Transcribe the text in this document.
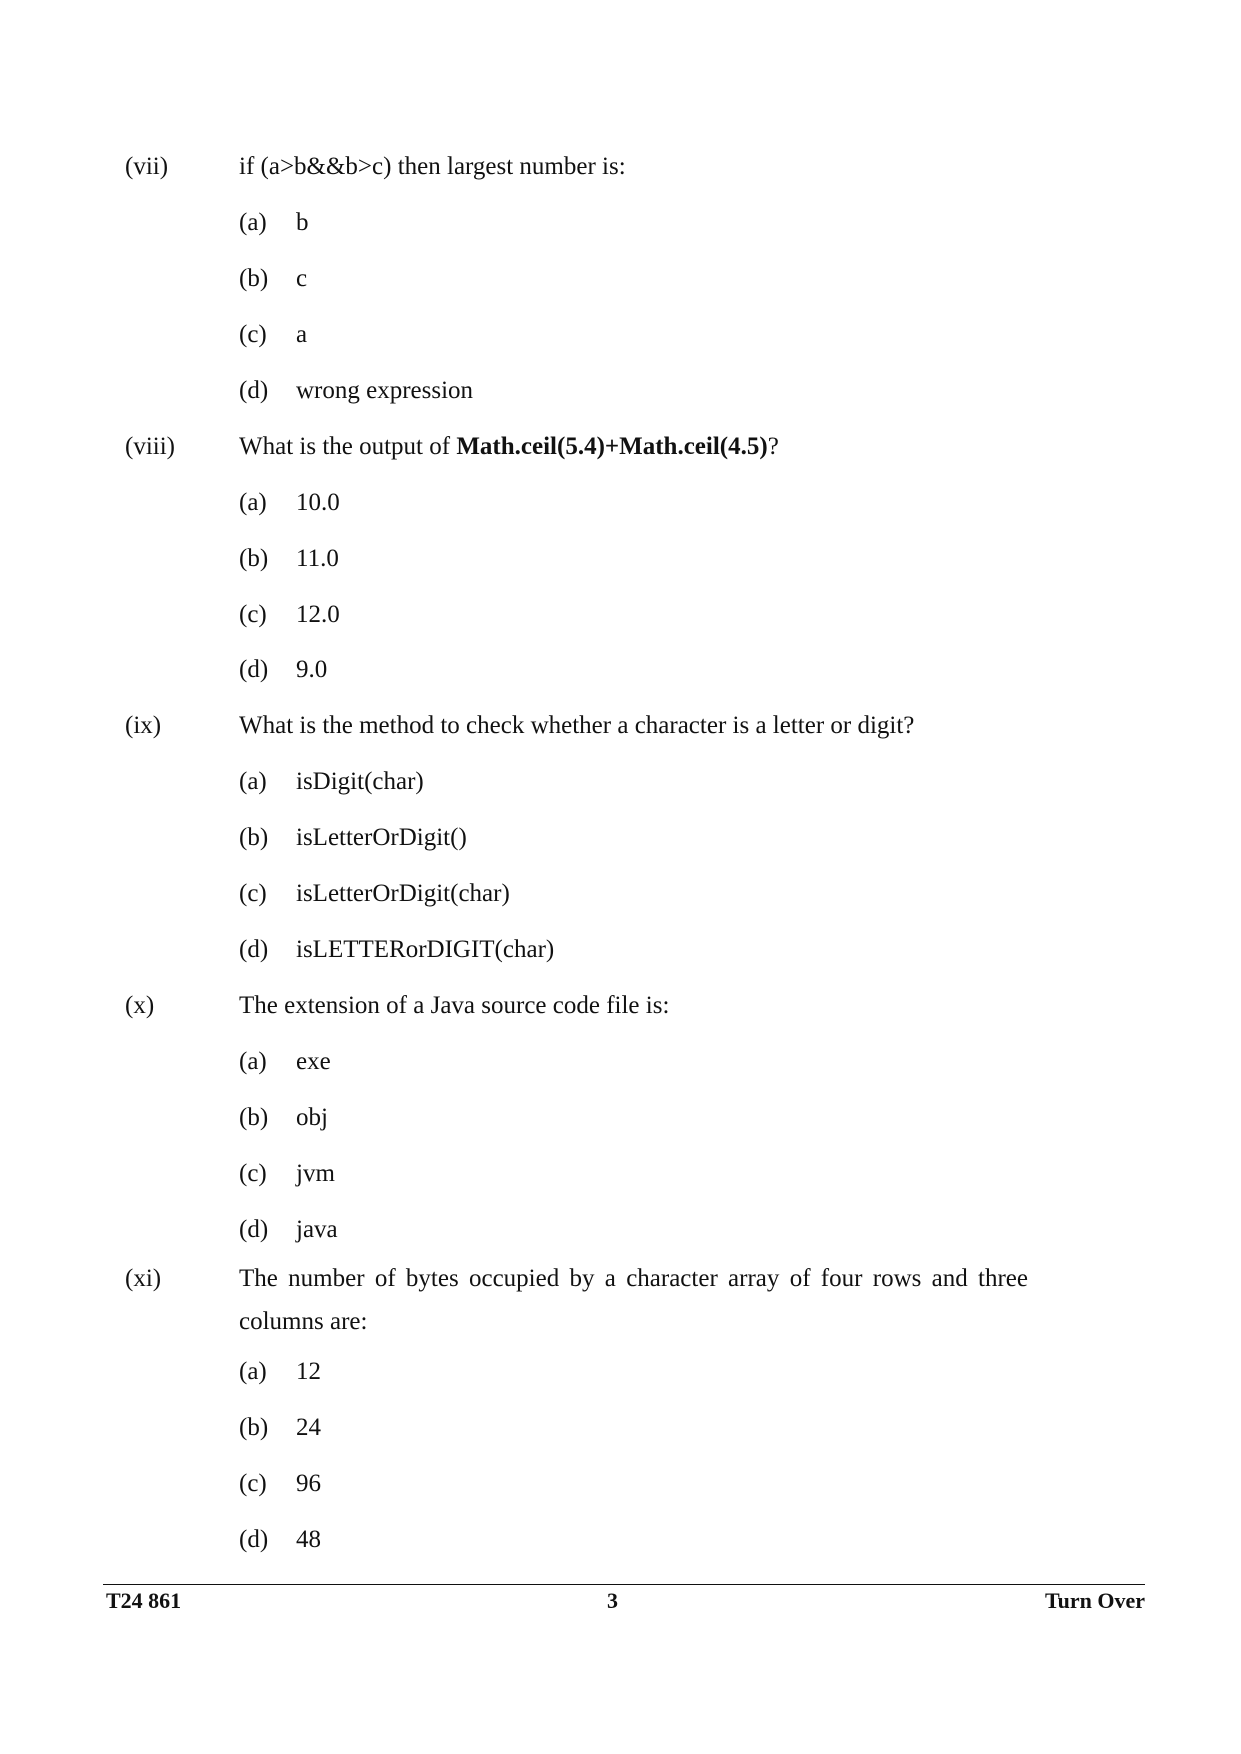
(vii)	if (a>b&&b>c) then largest number is:
(a) b
(b) c
(c) a
(d) wrong expression
(viii)	What is the output of Math.ceil(5.4)+Math.ceil(4.5)?
(a) 10.0
(b) 11.0
(c) 12.0
(d) 9.0
(ix)	What is the method to check whether a character is a letter or digit?
(a) isDigit(char)
(b) isLetterOrDigit()
(c) isLetterOrDigit(char)
(d) isLETTERorDIGIT(char)
(x)	The extension of a Java source code file is:
(a) exe
(b) obj
(c) jvm
(d) java
(xi)	The number of bytes occupied by a character array of four rows and three
columns are:
(a) 12
(b) 24
(c) 96
(d) 48
T24 861	3	Turn Over
